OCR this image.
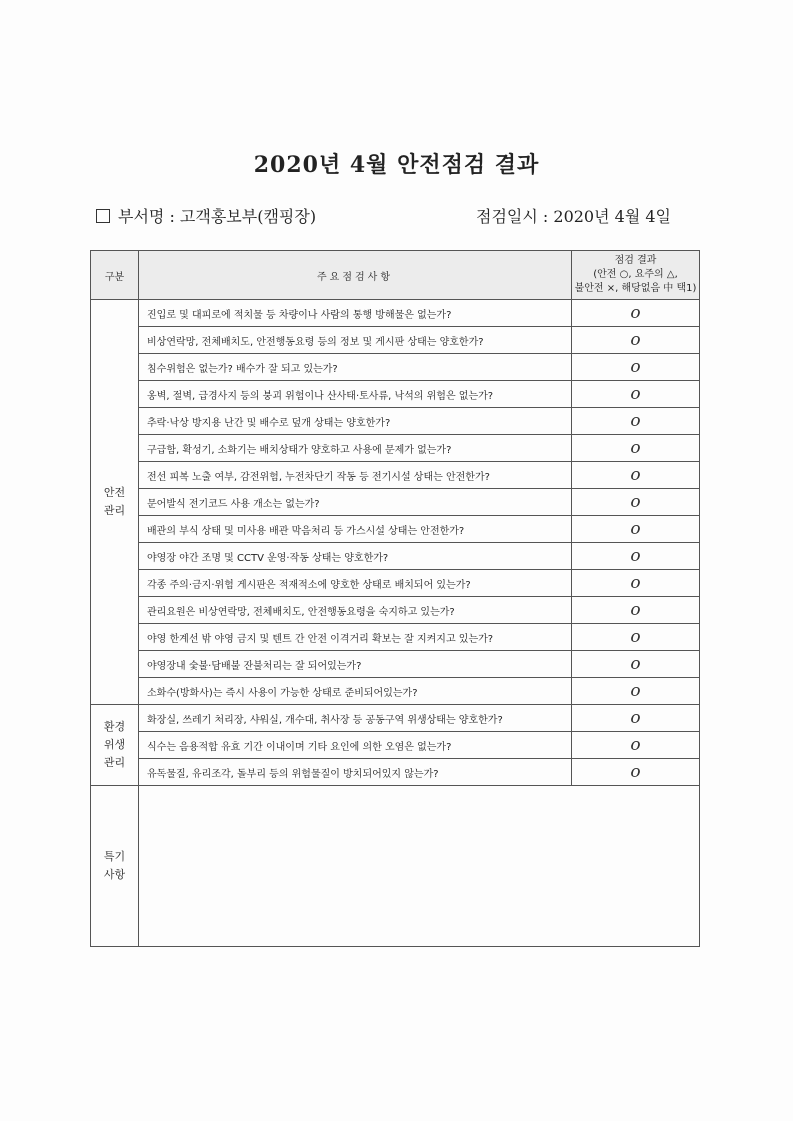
2020년 4월 안전점검 결과
부서명 : 고객홍보부(캠핑장)	점검일시 : 2020년 4월 4일
구분	주요점검사항	점검 결과
(안전 ○, 요주의 △,
불안전 ×, 해당없음 中 택1)

안전
관리	진입로 및 대피로에 적치물 등 차량이나 사람의 통행 방해물은 없는가?	o
	비상연락망, 전체배치도, 안전행동요령 등의 정보 및 게시판 상태는 양호한가?	o
	침수위험은 없는가? 배수가 잘 되고 있는가?	o
	옹벽, 절벽, 급경사지 등의 붕괴 위험이나 산사태·토사류, 낙석의 위험은 없는가?	o
	추락·낙상 방지용 난간 및 배수로 덮개 상태는 양호한가?	o
	구급함, 확성기, 소화기는 배치상태가 양호하고 사용에 문제가 없는가?	o
	전선 피복 노출 여부, 감전위험, 누전차단기 작동 등 전기시설 상태는 안전한가?	o
	문어발식 전기코드 사용 개소는 없는가?	o
	배관의 부식 상태 및 미사용 배관 막음처리 등 가스시설 상태는 안전한가?	o
	야영장 야간 조명 및 CCTV 운영·작동 상태는 양호한가?	o
	각종 주의·금지·위험 게시판은 적재적소에 양호한 상태로 배치되어 있는가?	o
	관리요원은 비상연락망, 전체배치도, 안전행동요령을 숙지하고 있는가?	o
	야영 한계선 밖 야영 금지 및 텐트 간 안전 이격거리 확보는 잘 지켜지고 있는가?	o
	야영장내 숯불·담배불 잔불처리는 잘 되어있는가?	o
	소화수(방화사)는 즉시 사용이 가능한 상태로 준비되어있는가?	o

환경
위생
관리	화장실, 쓰레기 처리장, 샤워실, 개수대, 취사장 등 공동구역 위생상태는 양호한가?	o
	식수는 음용적합 유효 기간 이내이며 기타 요인에 의한 오염은 없는가?	o
	유독물질, 유리조각, 돌부리 등의 위험물질이 방치되어있지 않는가?	o

특기
사항		
